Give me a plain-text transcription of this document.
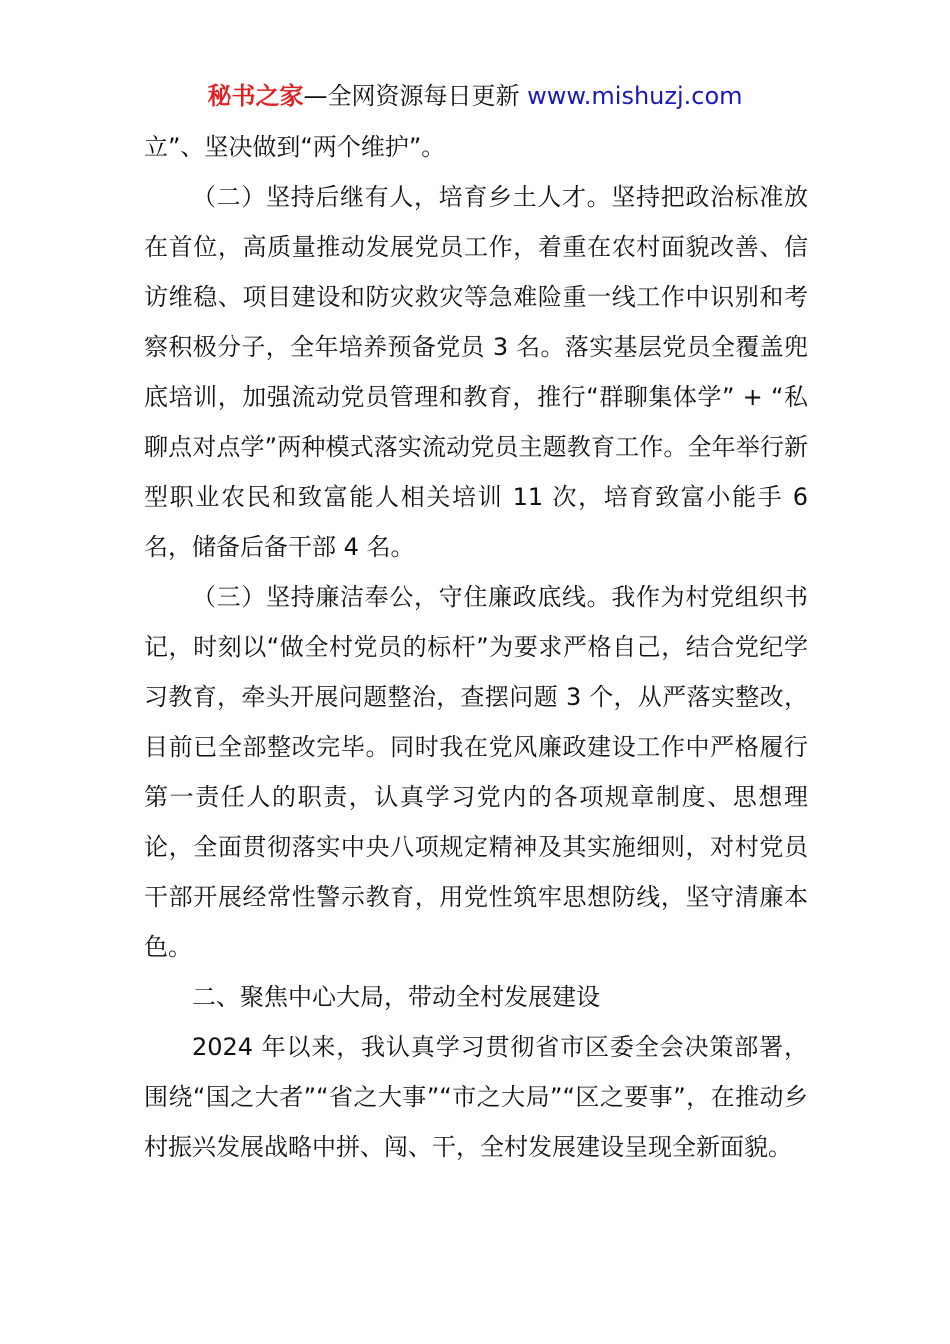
秘书之家—全网资源每日更新 www.mishuzj.com

立”、坚决做到“两个维护”。

（二）坚持后继有人，培育乡土人才。坚持把政治标准放在首位，高质量推动发展党员工作，着重在农村面貌改善、信访维稳、项目建设和防灾救灾等急难险重一线工作中识别和考察积极分子，全年培养预备党员 3 名。落实基层党员全覆盖兜底培训，加强流动党员管理和教育，推行“群聊集体学” + “私聊点对点学”两种模式落实流动党员主题教育工作。全年举行新型职业农民和致富能人相关培训 11 次，培育致富小能手 6 名，储备后备干部 4 名。

（三）坚持廉洁奉公，守住廉政底线。我作为村党组织书记，时刻以“做全村党员的标杆”为要求严格自己，结合党纪学习教育，牵头开展问题整治，查摆问题 3 个，从严落实整改，目前已全部整改完毕。同时我在党风廉政建设工作中严格履行第一责任人的职责，认真学习党内的各项规章制度、思想理论，全面贯彻落实中央八项规定精神及其实施细则，对村党员干部开展经常性警示教育，用党性筑牢思想防线，坚守清廉本色。

二、聚焦中心大局，带动全村发展建设

2024 年以来，我认真学习贯彻省市区委全会决策部署，围绕“国之大者”“省之大事”“市之大局”“区之要事”，在推动乡村振兴发展战略中拼、闯、干，全村发展建设呈现全新面貌。
